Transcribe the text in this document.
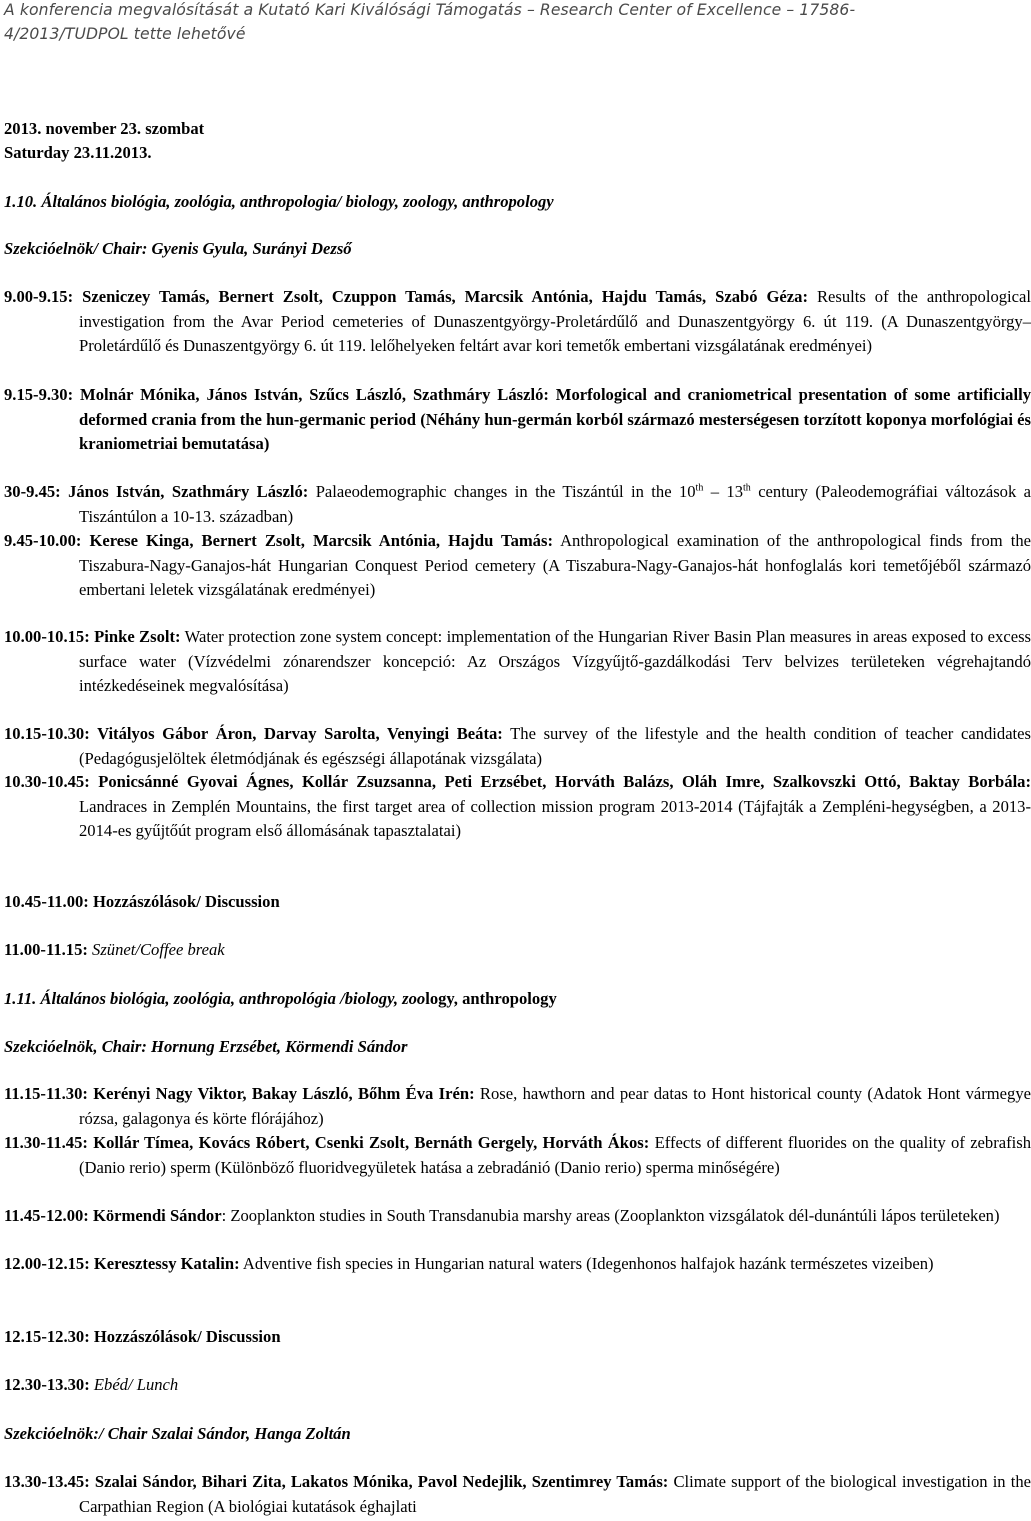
A konferencia megvalósítását a Kutató Kari Kiválósági Támogatás – Research Center of Excellence – 17586-
4/2013/TUDPOL tette lehetővé
2013. november 23. szombat
Saturday 23.11.2013.
1.10. Általános biológia, zoológia, anthropologia/ biology, zoology, anthropology
Szekcióelnök/ Chair: Gyenis Gyula, Surányi Dezső
9.00-9.15: Szeniczey Tamás, Bernert Zsolt, Czuppon Tamás, Marcsik Antónia, Hajdu Tamás, Szabó Géza: Results of the anthropological investigation from the Avar Period cemeteries of Dunaszentgyörgy-Proletárdűlő and Dunaszentgyörgy 6. út 119. (A Dunaszentgyörgy–Proletárdűlő és Dunaszentgyörgy 6. út 119. lelőhelyeken feltárt avar kori temetők embertani vizsgálatának eredményei)
9.15-9.30: Molnár Mónika, János István, Szűcs László, Szathmáry László: Morfological and craniometrical presentation of some artificially deformed crania from the hun-germanic period (Néhány hun-germán korból származó mesterségesen torzított koponya morfológiai és kraniometriai bemutatása)
30-9.45: János István, Szathmáry László: Palaeodemographic changes in the Tiszántúl in the 10th – 13th century (Paleodemográfiai változások a Tiszántúlon a 10-13. században)
9.45-10.00: Kerese Kinga, Bernert Zsolt, Marcsik Antónia, Hajdu Tamás: Anthropological examination of the anthropological finds from the Tiszabura-Nagy-Ganajos-hát Hungarian Conquest Period cemetery (A Tiszabura-Nagy-Ganajos-hát honfoglalás kori temetőjéből származó embertani leletek vizsgálatának eredményei)
10.00-10.15: Pinke Zsolt: Water protection zone system concept: implementation of the Hungarian River Basin Plan measures in areas exposed to excess surface water (Vízvédelmi zónarendszer koncepció: Az Országos Vízgyűjtő-gazdálkodási Terv belvizes területeken végrehajtandó intézkedéseinek megvalósítása)
10.15-10.30: Vitályos Gábor Áron, Darvay Sarolta, Venyingi Beáta: The survey of the lifestyle and the health condition of teacher candidates (Pedagógusjelöltek életmódjának és egészségi állapotának vizsgálata)
10.30-10.45: Ponicsánné Gyovai Ágnes, Kollár Zsuzsanna, Peti Erzsébet, Horváth Balázs, Oláh Imre, Szalkovszki Ottó, Baktay Borbála: Landraces in Zemplén Mountains, the first target area of collection mission program 2013-2014 (Tájfajták a Zempléni-hegységben, a 2013-2014-es gyűjtőút program első állomásának tapasztalatai)
10.45-11.00: Hozzászólások/ Discussion
11.00-11.15: Szünet/Coffee break
1.11. Általános biológia, zoológia, anthropológia /biology, zoology, anthropology
Szekcióelnök, Chair: Hornung Erzsébet, Körmendi Sándor
11.15-11.30: Kerényi Nagy Viktor, Bakay László, Bőhm Éva Irén: Rose, hawthorn and pear datas to Hont historical county (Adatok Hont vármegye rózsa, galagonya és körte flórájához)
11.30-11.45: Kollár Tímea, Kovács Róbert, Csenki Zsolt, Bernáth Gergely, Horváth Ákos: Effects of different fluorides on the quality of zebrafish (Danio rerio) sperm (Különböző fluoridvegyületek hatása a zebradánió (Danio rerio) sperma minőségére)
11.45-12.00: Körmendi Sándor: Zooplankton studies in South Transdanubia marshy areas (Zooplankton vizsgálatok dél-dunántúli lápos területeken)
12.00-12.15: Keresztessy Katalin: Adventive fish species in Hungarian natural waters (Idegenhonos halfajok hazánk természetes vizeiben)
12.15-12.30: Hozzászólások/ Discussion
12.30-13.30: Ebéd/ Lunch
Szekcióelnök:/ Chair Szalai Sándor, Hanga Zoltán
13.30-13.45: Szalai Sándor, Bihari Zita, Lakatos Mónika, Pavol Nedejlik, Szentimrey Tamás: Climate support of the biological investigation in the Carpathian Region (A biológiai kutatások éghajlati
